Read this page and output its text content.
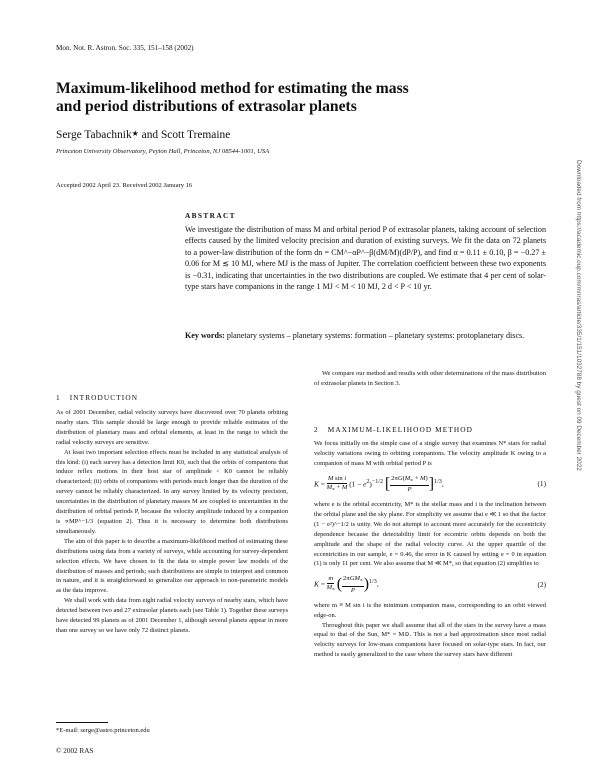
Mon. Not. R. Astron. Soc. 335, 151–158 (2002)
Maximum-likelihood method for estimating the mass
and period distributions of extrasolar planets
Serge Tabachnik★ and Scott Tremaine
Princeton University Observatory, Peyton Hall, Princeton, NJ 08544-1001, USA
Accepted 2002 April 23. Received 2002 January 16
ABSTRACT
We investigate the distribution of mass M and orbital period P of extrasolar planets, taking account of selection effects caused by the limited velocity precision and duration of existing surveys. We fit the data on 72 planets to a power-law distribution of the form dn = CM^−αP^−β(dM/M)(dP/P), and find α = 0.11 ± 0.10, β = −0.27 ± 0.06 for M ≲ 10 MJ, where MJ is the mass of Jupiter. The correlation coefficient between these two exponents is −0.31, indicating that uncertainties in the two distributions are coupled. We estimate that 4 per cent of solar-type stars have companions in the range 1 MJ < M < 10 MJ, 2 d < P < 10 yr.
Key words: planetary systems – planetary systems: formation – planetary systems: protoplanetary discs.
1 INTRODUCTION

As of 2001 December, radial velocity surveys have discovered over 70 planets orbiting nearby stars. This sample should be large enough to provide reliable estimates of the distribution of planetary mass and orbital elements, at least in the range to which the radial velocity surveys are sensitive.

At least two important selection effects must be included in any statistical analysis of this kind: (i) each survey has a detection limit K0, such that the orbits of companions that induce reflex motions in their host star of amplitude < K0 cannot be reliably characterized; (ii) orbits of companions with periods much longer than the duration of the survey cannot be reliably characterized. In any survey limited by its velocity precision, uncertainties in the distribution of planetary masses M are coupled to uncertainties in the distribution of orbital periods P, because the velocity amplitude induced by a companion is ∝MP^−1/3 (equation 2). Thus it is necessary to determine both distributions simultaneously.

The aim of this paper is to describe a maximum-likelihood method of estimating these distributions using data from a variety of surveys, while accounting for survey-dependent selection effects. We have chosen to fit the data to simple power law models of the distribution of masses and periods; such distributions are simple to interpret and common in nature, and it is straightforward to generalize our approach to non-parametric models as the data improve.

We shall work with data from eight radial velocity surveys of nearby stars, which have detected between two and 27 extrasolar planets each (see Table 1). Together these surveys have detected 99 planets as of 2001 December 1, although several planets appear in more than one survey so we have only 72 distinct planets.

*E-mail: serge@astro.princeton.edu
© 2002 RAS

We compare our method and results with other determinations of the mass distribution of extrasolar planets in Section 3.

2 MAXIMUM-LIKELIHOOD METHOD

We focus initially on the simple case of a single survey that examines N* stars for radial velocity variations owing to orbiting companions. The velocity amplitude K owing to a companion of mass M with orbital period P is

$K = \frac{\text{M sin i}}{M_* + M} (1 - e^2)^{-1/2}$ [ $\frac{2\pi G(M_* + M)}{P} ]^{1/3}$,	(1)

where e is the orbital eccentricity, M* is the stellar mass and i is the inclination between the orbital plane and the sky plane. For simplicity we assume that e ≪ 1 so that the factor (1 − e²)^−1/2 is unity. We do not attempt to account more accurately for the eccentricity dependence because the detectability limit for eccentric orbits depends on both the amplitude and the shape of the radial velocity curve. At the upper quartile of the eccentricities in our sample, e = 0.46, the error in K caused by setting e = 0 in equation (1) is only 11 per cent. We also assume that M ≪ M*, so that equation (2) simplifies to

$K = \frac{m}{M_*}$ ( $\frac{2\pi GM_*}{P} )^{1/3}$,	(2)

where m ≡ M sin i is the minimum companion mass, corresponding to an orbit viewed edge-on.

Throughout this paper we shall assume that all of the stars in the survey have a mass equal to that of the Sun, M* = M⊙. This is not a bad approximation since most radial velocity surveys for low-mass companions have focused on solar-type stars. In fact, our method is easily generalized to the case where the survey stars have different

Downloaded from https://academic.oup.com/mnras/article/335/1/151/1032788 by guest on 09 December 2022
